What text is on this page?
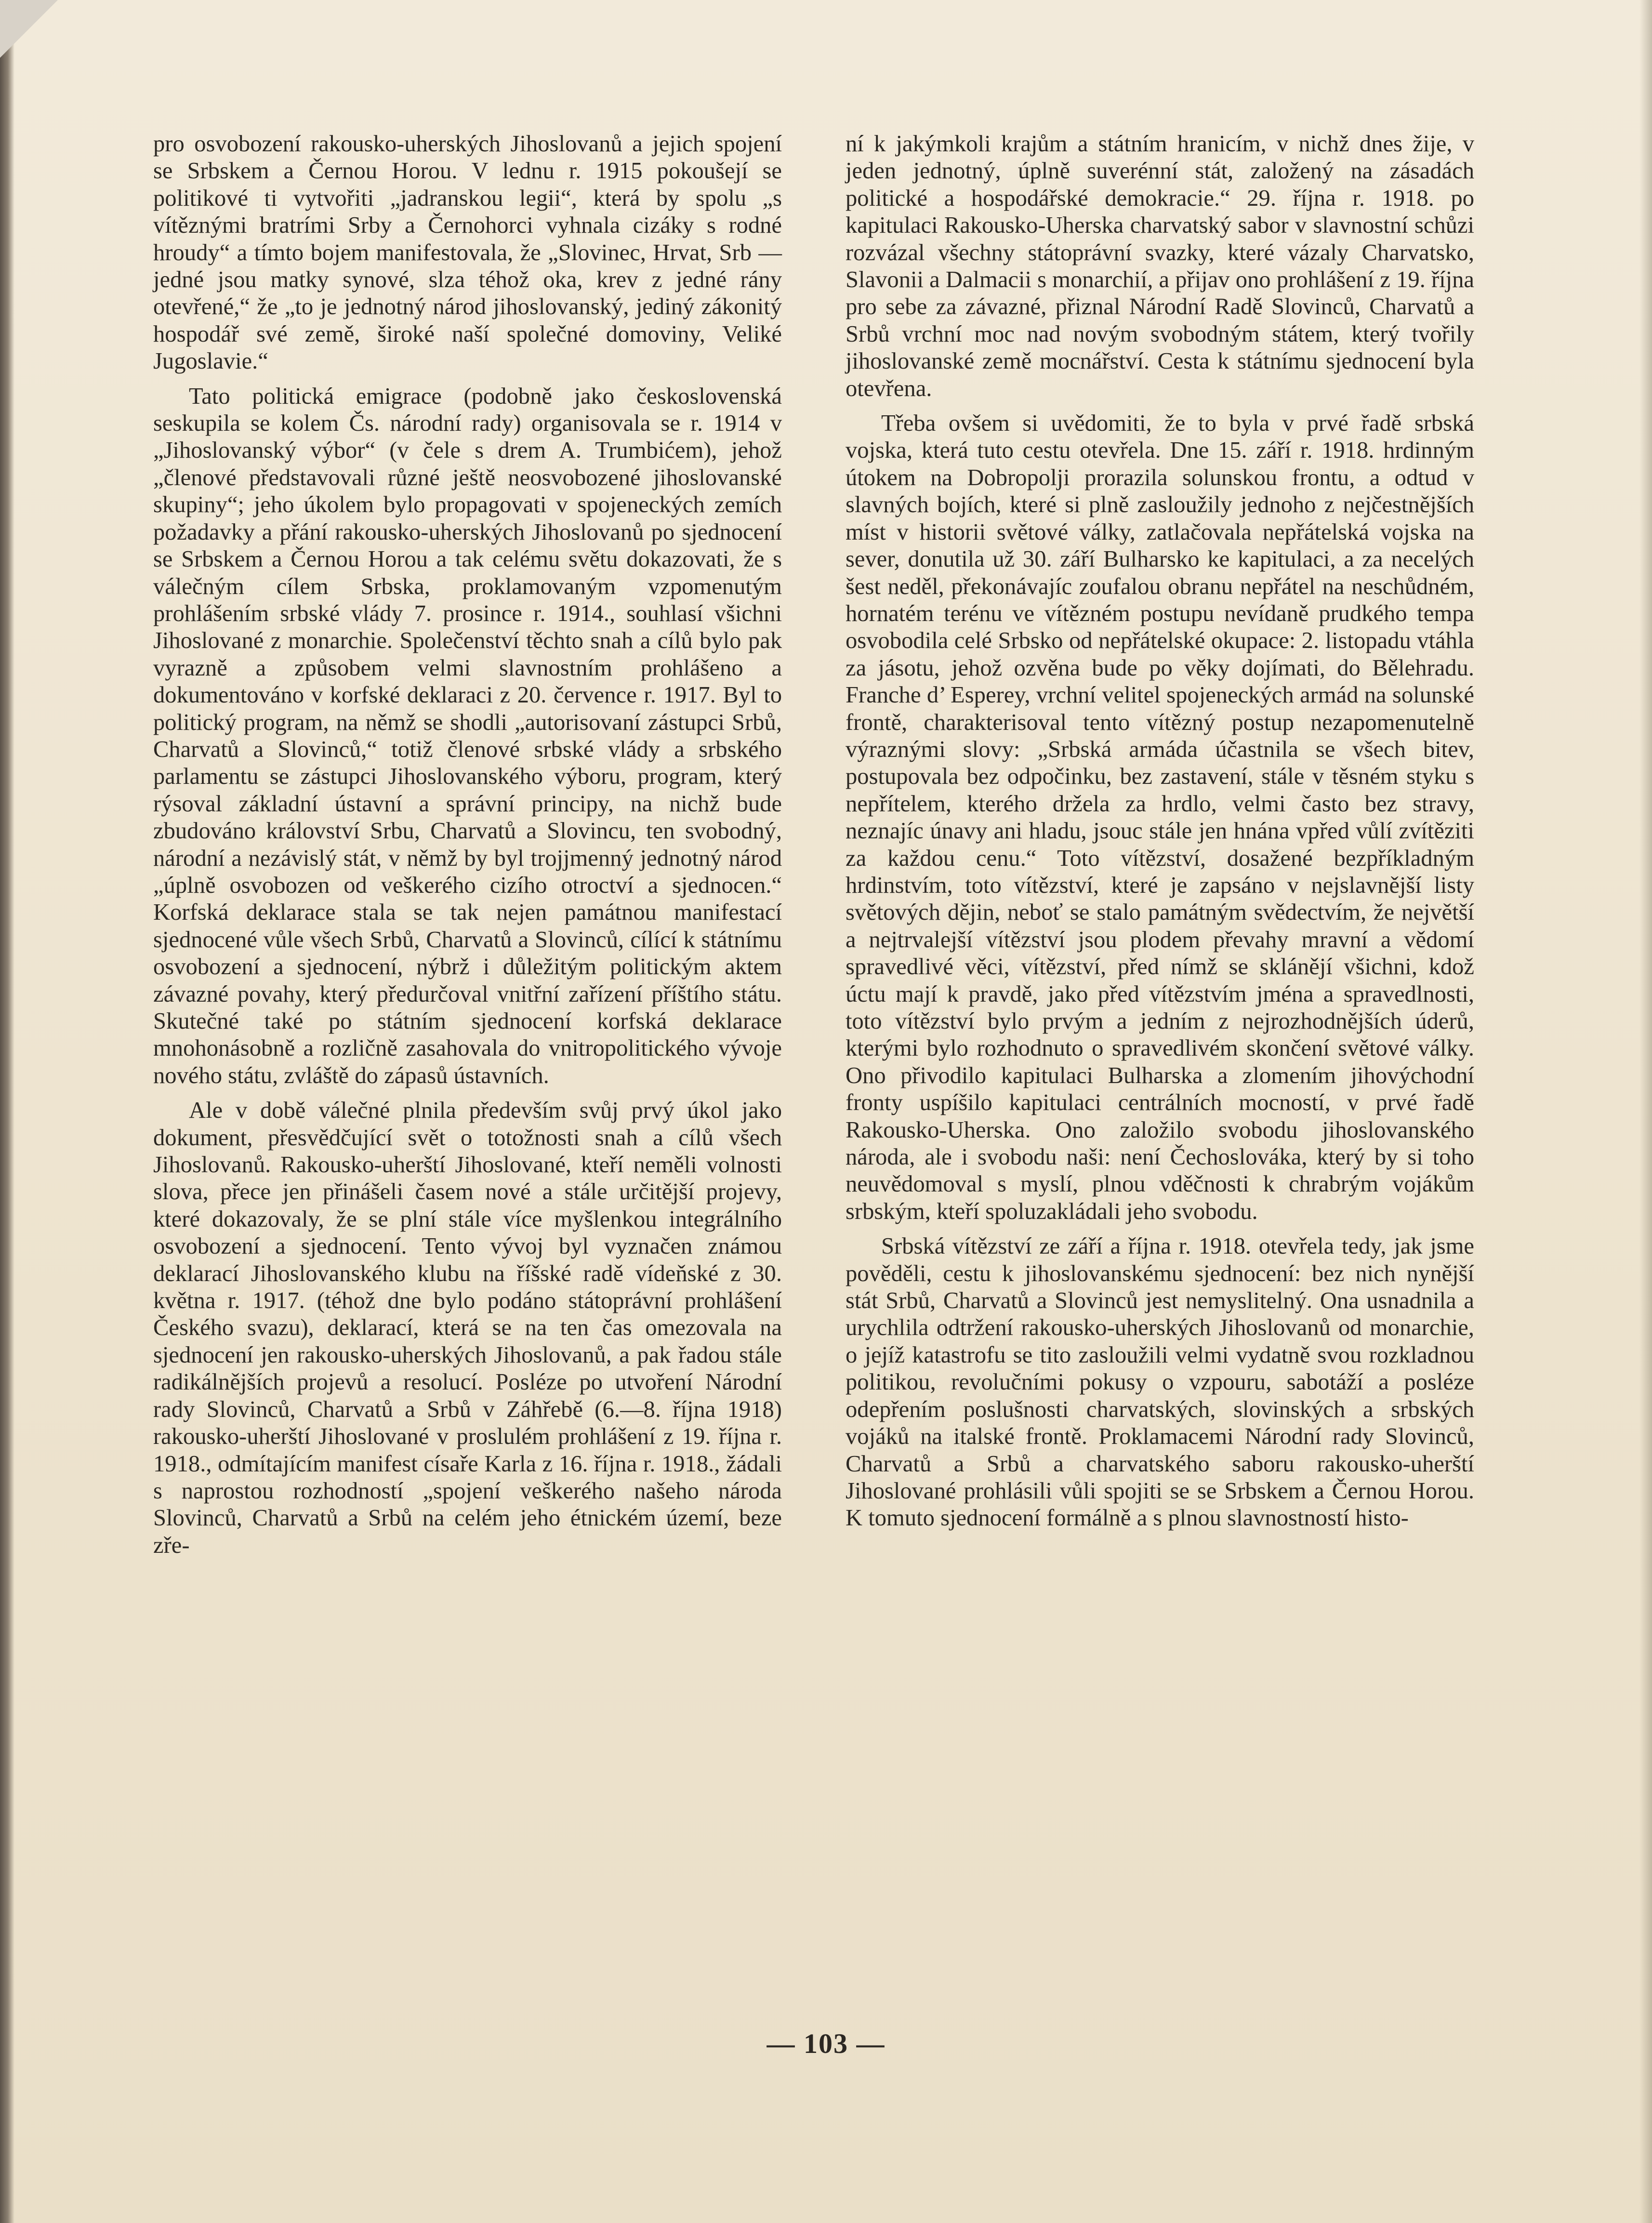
pro osvobození rakousko-uherských Jihoslovanů a jejich spojení se Srbskem a Černou Horou. V lednu r. 1915 pokoušejí se politikové ti vytvořiti „jadranskou legii“, která by spolu „s vítěznými bratrími Srby a Černohorci vyhnala cizáky s rodné hroudy“ a tímto bojem manifestovala, že „Slovinec, Hrvat, Srb — jedné jsou matky synové, slza téhož oka, krev z jedné rány otevřené,“ že „to je jednotný národ jihoslovanský, jediný zákonitý hospodář své země, široké naší společné domoviny, Veliké Jugoslavie.“

Tato politická emigrace (podobně jako československá seskupila se kolem Čs. národní rady) organisovala se r. 1914 v „Jihoslovanský výbor“ (v čele s drem A. Trumbićem), jehož „členové představovali různé ještě neosvobozené jihoslovanské skupiny“; jeho úkolem bylo propagovati v spojeneckých zemích požadavky a přání rakousko-uherských Jihoslovanů po sjednocení se Srbskem a Černou Horou a tak celému světu dokazovati, že s válečným cílem Srbska, proklamovaným vzpomenutým prohlášením srbské vlády 7. prosince r. 1914., souhlasí všichni Jihoslované z monarchie. Společenství těchto snah a cílů bylo pak vyrazně a způsobem velmi slavnostním prohlášeno a dokumentováno v korfské deklaraci z 20. července r. 1917. Byl to politický program, na němž se shodli „autorisovaní zástupci Srbů, Charvatů a Slovinců,“ totiž členové srbské vlády a srbského parlamentu se zástupci Jihoslovanského výboru, program, který rýsoval základní ústavní a správní principy, na nichž bude zbudováno království Srbu, Charvatů a Slovincu, ten svobodný, národní a nezávislý stát, v němž by byl trojjmenný jednotný národ „úplně osvobozen od veškerého cizího otroctví a sjednocen.“ Korfská deklarace stala se tak nejen památnou manifestací sjednocené vůle všech Srbů, Charvatů a Slovinců, cílící k státnímu osvobození a sjednocení, nýbrž i důležitým politickým aktem závazné povahy, který předurčoval vnitřní zařízení příštího státu. Skutečné také po státním sjednocení korfská deklarace mnohonásobně a rozličně zasahovala do vnitropolitického vývoje nového státu, zvláště do zápasů ústavních.

Ale v době válečné plnila především svůj prvý úkol jako dokument, přesvědčující svět o totožnosti snah a cílů všech Jihoslovanů. Rakousko-uherští Jihoslované, kteří neměli volnosti slova, přece jen přinášeli časem nové a stále určitější projevy, které dokazovaly, že se plní stále více myšlenkou integrálního osvobození a sjednocení. Tento vývoj byl vyznačen známou deklarací Jihoslovanského klubu na říšské radě vídeňské z 30. května r. 1917. (téhož dne bylo podáno státoprávní prohlášení Českého svazu), deklarací, která se na ten čas omezovala na sjednocení jen rakousko-uherských Jihoslovanů, a pak řadou stále radikálnějších projevů a resolucí. Posléze po utvoření Národní rady Slovinců, Charvatů a Srbů v Záhřebě (6.—8. října 1918) rakousko-uherští Jihoslované v proslulém prohlášení z 19. října r. 1918., odmítajícím manifest císaře Karla z 16. října r. 1918., žádali s naprostou rozhodností „spojení veškerého našeho národa Slovinců, Charvatů a Srbů na celém jeho étnickém území, beze zře-

ní k jakýmkoli krajům a státním hranicím, v nichž dnes žije, v jeden jednotný, úplně suverénní stát, založený na zásadách politické a hospodářské demokracie.“ 29. října r. 1918. po kapitulaci Rakousko-Uherska charvatský sabor v slavnostní schůzi rozvázal všechny státoprávní svazky, které vázaly Charvatsko, Slavonii a Dalmacii s monarchií, a přijav ono prohlášení z 19. října pro sebe za závazné, přiznal Národní Radě Slovinců, Charvatů a Srbů vrchní moc nad novým svobodným státem, který tvořily jihoslovanské země mocnářství. Cesta k státnímu sjednocení byla otevřena.

Třeba ovšem si uvědomiti, že to byla v prvé řadě srbská vojska, která tuto cestu otevřela. Dne 15. září r. 1918. hrdinným útokem na Dobropolji prorazila solunskou frontu, a odtud v slavných bojích, které si plně zasloužily jednoho z nejčestnějších míst v historii světové války, zatlačovala nepřátelská vojska na sever, donutila už 30. září Bulharsko ke kapitulaci, a za necelých šest neděl, překonávajíc zoufalou obranu nepřátel na neschůdném, hornatém terénu ve vítězném postupu nevídaně prudkého tempa osvobodila celé Srbsko od nepřátelské okupace: 2. listopadu vtáhla za jásotu, jehož ozvěna bude po věky dojímati, do Bělehradu. Franche d’ Esperey, vrchní velitel spojeneckých armád na solunské frontě, charakterisoval tento vítězný postup nezapomenutelně výraznými slovy: „Srbská armáda účastnila se všech bitev, postupovala bez odpočinku, bez zastavení, stále v těsném styku s nepřítelem, kterého držela za hrdlo, velmi často bez stravy, neznajíc únavy ani hladu, jsouc stále jen hnána vpřed vůlí zvítěziti za každou cenu.“ Toto vítězství, dosažené bezpříkladným hrdinstvím, toto vítězství, které je zapsáno v nejslavnější listy světových dějin, neboť se stalo památným svědectvím, že největší a nejtrvalejší vítězství jsou plodem převahy mravní a vědomí spravedlivé věci, vítězství, před nímž se sklánějí všichni, kdož úctu mají k pravdě, jako před vítězstvím jména a spravedlnosti, toto vítězství bylo prvým a jedním z nejrozhodnějších úderů, kterými bylo rozhodnuto o spravedlivém skončení světové války. Ono přivodilo kapitulaci Bulharska a zlomením jihovýchodní fronty uspíšilo kapitulaci centrálních mocností, v prvé řadě Rakousko-Uherska. Ono založilo svobodu jihoslovanského národa, ale i svobodu naši: není Čechoslováka, který by si toho neuvědomoval s myslí, plnou vděčnosti k chrabrým vojákům srbským, kteří spoluzakládali jeho svobodu.

Srbská vítězství ze září a října r. 1918. otevřela tedy, jak jsme pověděli, cestu k jihoslovanskému sjednocení: bez nich nynější stát Srbů, Charvatů a Slovinců jest nemyslitelný. Ona usnadnila a urychlila odtržení rakousko-uherských Jihoslovanů od monarchie, o jejíž katastrofu se tito zasloužili velmi vydatně svou rozkladnou politikou, revolučními pokusy o vzpouru, sabotáží a posléze odepřením poslušnosti charvatských, slovinských a srbských vojáků na italské frontě. Proklamacemi Národní rady Slovinců, Charvatů a Srbů a charvatského saboru rakousko-uherští Jihoslované prohlásili vůli spojiti se se Srbskem a Černou Horou. K tomuto sjednocení formálně a s plnou slavnostností histo-

— 103 —
